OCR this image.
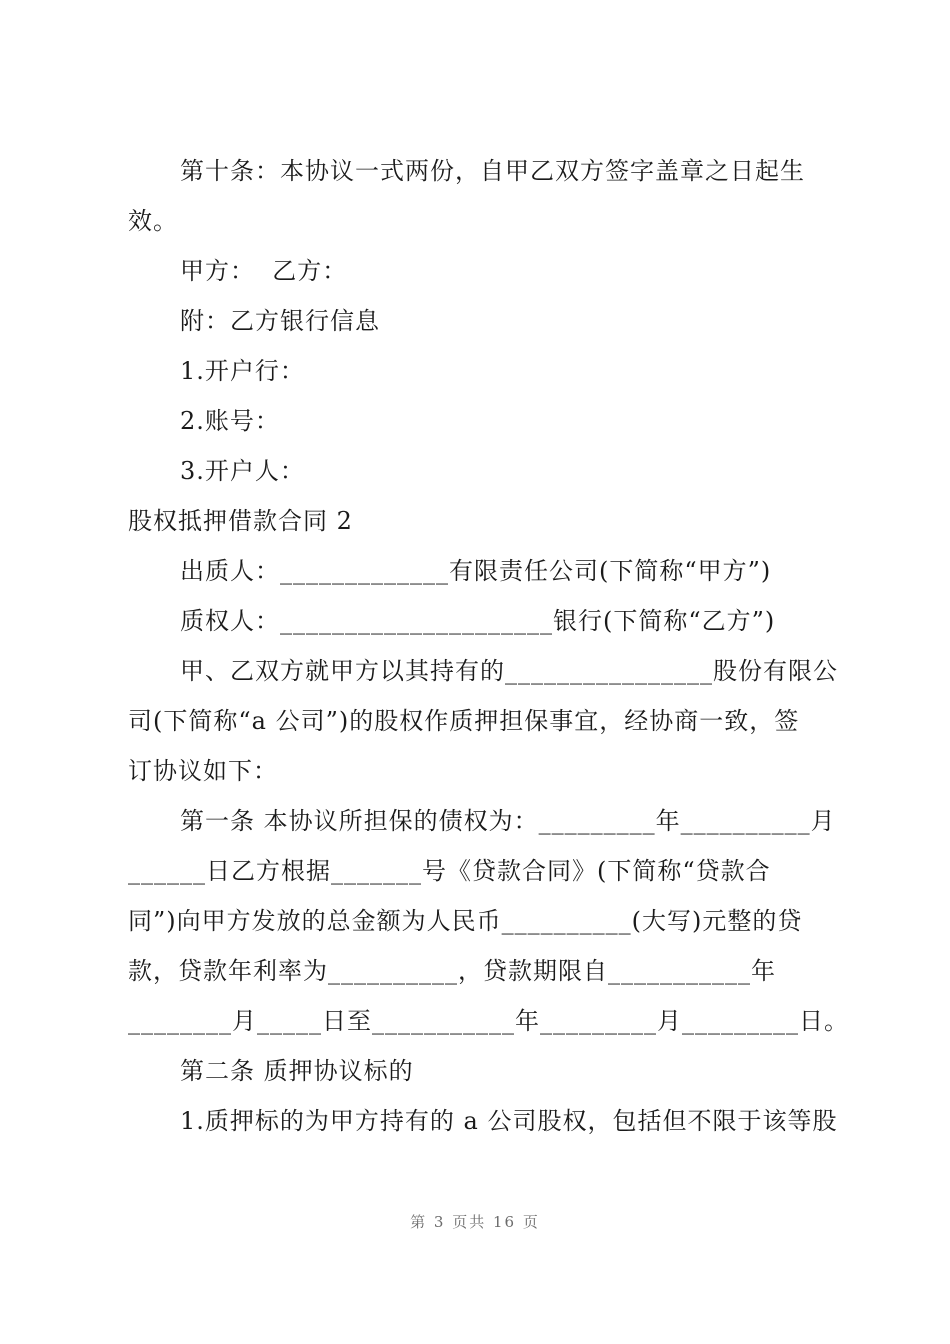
第十条：本协议一式两份，自甲乙双方签字盖章之日起生
效。
甲方：  乙方：
附：乙方银行信息
1.开户行：
2.账号：
3.开户人：
股权抵押借款合同 2
出质人：_____________有限责任公司(下简称“甲方”)
质权人：_____________________银行(下简称“乙方”)
甲、乙双方就甲方以其持有的________________股份有限公
司(下简称“a 公司”)的股权作质押担保事宜，经协商一致，签
订协议如下：
第一条 本协议所担保的债权为：_________年__________月
______日乙方根据_______号《贷款合同》(下简称“贷款合
同”)向甲方发放的总金额为人民币__________(大写)元整的贷
款，贷款年利率为__________，贷款期限自___________年
________月_____日至___________年_________月_________日。
第二条 质押协议标的
1.质押标的为甲方持有的 a 公司股权，包括但不限于该等股
第 3 页共 16 页
